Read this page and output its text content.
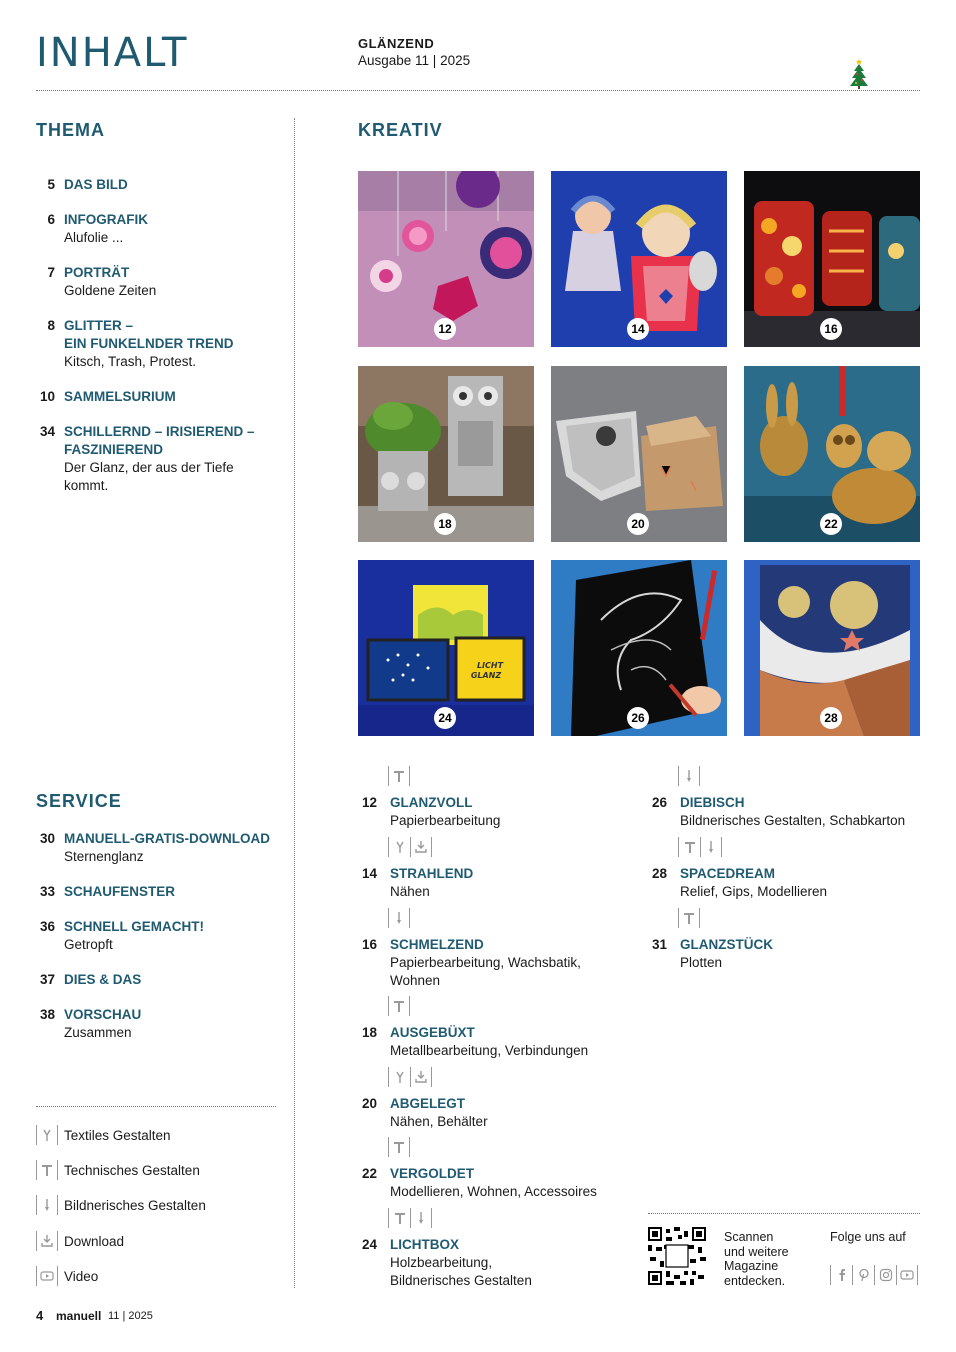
INHALT	GLÄNZEND
Ausgabe 11 | 2025
THEMA
5 DAS BILD
6 INFOGRAFIK
Alufolie ...
7 PORTRÄT
Goldene Zeiten
8 GLITTER –
EIN FUNKELNDER TREND
Kitsch, Trash, Protest.
10 SAMMELSURIUM
34 SCHILLERND – IRISIEREND –
FASZINIEREND
Der Glanz, der aus der Tiefe
kommt.
SERVICE
30 MANUELL-GRATIS-DOWNLOAD
Sternenglanz
33 SCHAUFENSTER
36 SCHNELL GEMACHT!
Getropft
37 DIES & DAS
38 VORSCHAU
Zusammen
Textiles Gestalten
Technisches Gestalten
Bildnerisches Gestalten
Download
Video
KREATIV
12	14	16
18	20	22
LICHT
GLANZ
24	26	28
12 GLANZVOLL
Papierbearbeitung
14 STRAHLEND
Nähen
16 SCHMELZEND
Papierbearbeitung, Wachsbatik,
Wohnen
18 AUSGEBÜXT
Metallbearbeitung, Verbindungen
20 ABGELEGT
Nähen, Behälter
22 VERGOLDET
Modellieren, Wohnen, Accessoires
24 LICHTBOX
Holzbearbeitung,
Bildnerisches Gestalten
26 DIEBISCH
Bildnerisches Gestalten, Schabkarton
28 SPACEDREAM
Relief, Gips, Modellieren
31 GLANZSTÜCK
Plotten
Scannen
und weitere
Magazine
entdecken.
Folge uns auf
4 manuell 11 | 2025
